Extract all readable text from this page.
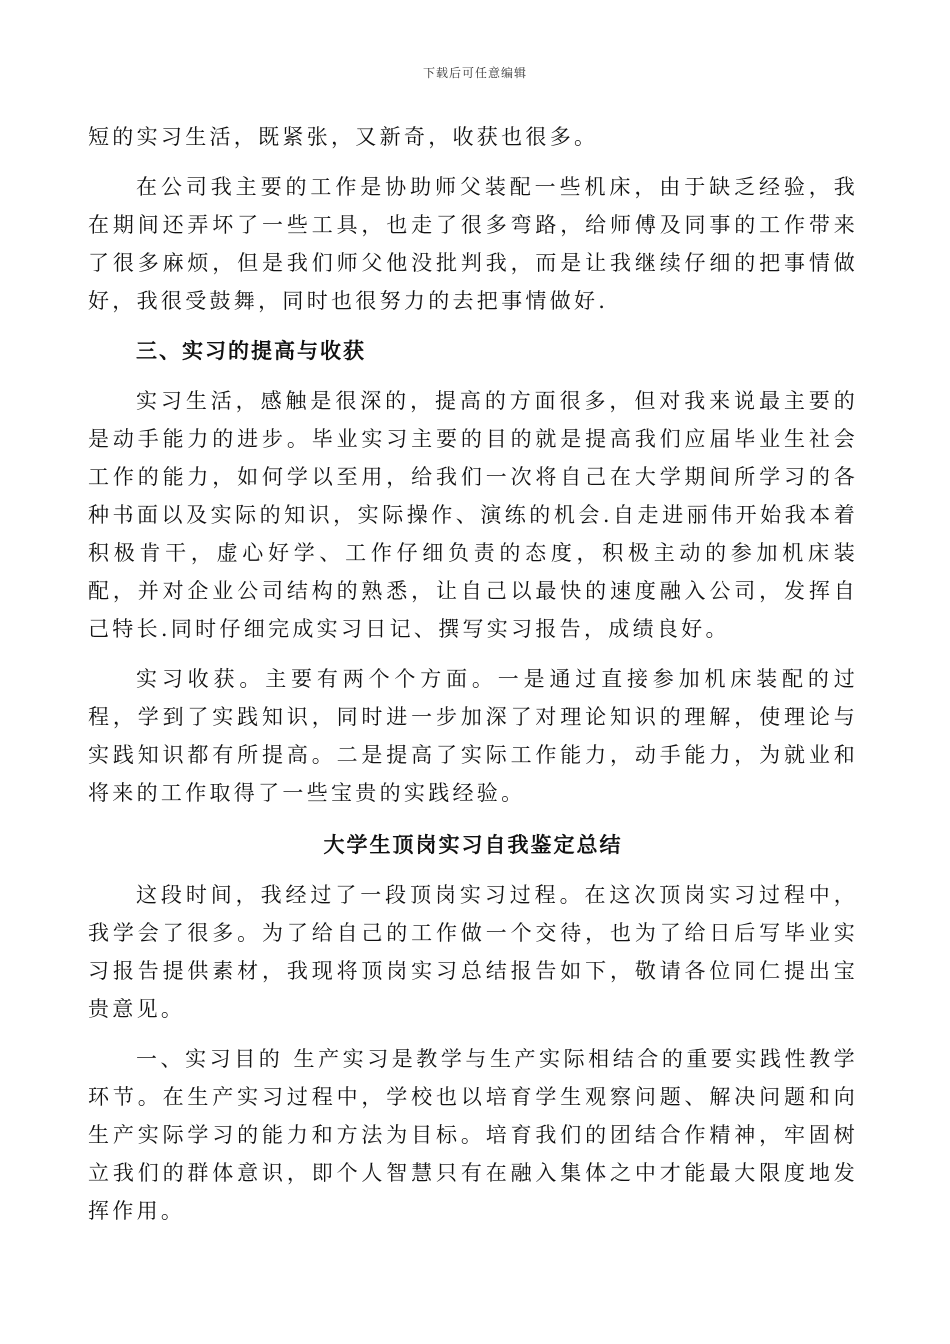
下载后可任意编辑

短的实习生活，既紧张，又新奇，收获也很多。

在公司我主要的工作是协助师父装配一些机床，由于缺乏经验，我在期间还弄坏了一些工具，也走了很多弯路，给师傅及同事的工作带来了很多麻烦，但是我们师父他没批判我，而是让我继续仔细的把事情做好，我很受鼓舞，同时也很努力的去把事情做好.

三、实习的提高与收获

实习生活，感触是很深的，提高的方面很多，但对我来说最主要的是动手能力的进步。毕业实习主要的目的就是提高我们应届毕业生社会工作的能力，如何学以至用，给我们一次将自己在大学期间所学习的各种书面以及实际的知识，实际操作、演练的机会.自走进丽伟开始我本着积极肯干，虚心好学、工作仔细负责的态度，积极主动的参加机床装配，并对企业公司结构的熟悉，让自己以最快的速度融入公司，发挥自己特长.同时仔细完成实习日记、撰写实习报告，成绩良好。

实习收获。主要有两个个方面。一是通过直接参加机床装配的过程，学到了实践知识，同时进一步加深了对理论知识的理解，使理论与实践知识都有所提高。二是提高了实际工作能力，动手能力，为就业和将来的工作取得了一些宝贵的实践经验。

大学生顶岗实习自我鉴定总结

这段时间，我经过了一段顶岗实习过程。在这次顶岗实习过程中，我学会了很多。为了给自己的工作做一个交待，也为了给日后写毕业实习报告提供素材，我现将顶岗实习总结报告如下，敬请各位同仁提出宝贵意见。

一、实习目的 生产实习是教学与生产实际相结合的重要实践性教学环节。在生产实习过程中，学校也以培育学生观察问题、解决问题和向生产实际学习的能力和方法为目标。培育我们的团结合作精神，牢固树立我们的群体意识，即个人智慧只有在融入集体之中才能最大限度地发挥作用。
